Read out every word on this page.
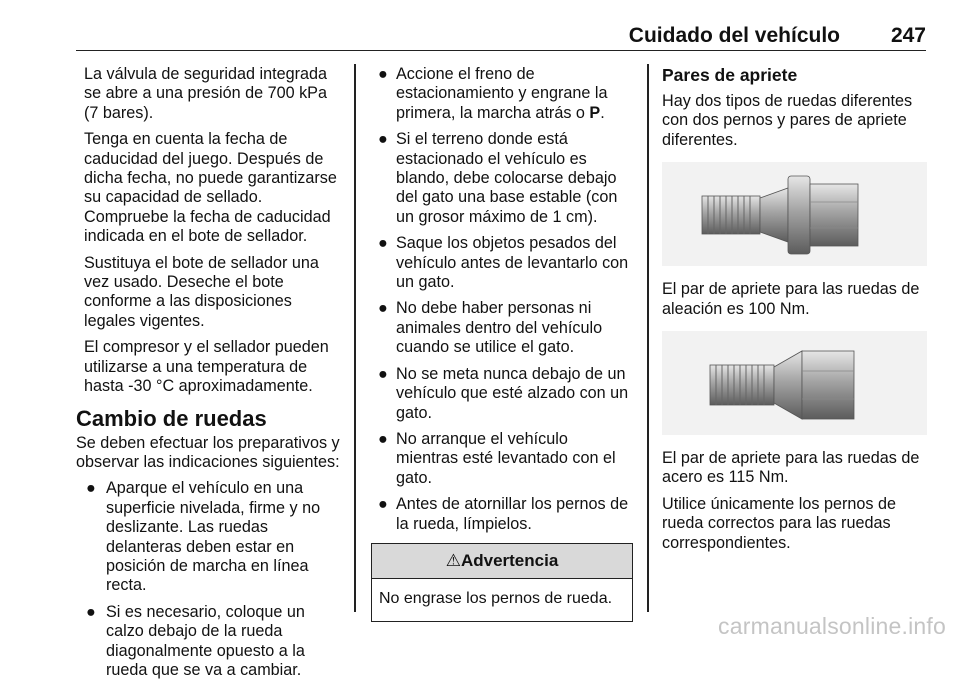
Cuidado del vehículo 247

La válvula de seguridad integrada se abre a una presión de 700 kPa (7 bares).

Tenga en cuenta la fecha de caducidad del juego. Después de dicha fecha, no puede garantizarse su capacidad de sellado. Compruebe la fecha de caducidad indicada en el bote de sellador.

Sustituya el bote de sellador una vez usado. Deseche el bote conforme a las disposiciones legales vigentes.

El compresor y el sellador pueden utilizarse a una temperatura de hasta -30 °C aproximadamente.

Cambio de ruedas

Se deben efectuar los preparativos y observar las indicaciones siguientes:

● Aparque el vehículo en una superficie nivelada, firme y no deslizante. Las ruedas delanteras deben estar en posición de marcha en línea recta.
● Si es necesario, coloque un calzo debajo de la rueda diagonalmente opuesto a la rueda que se va a cambiar.
● Accione el freno de estacionamiento y engrane la primera, la marcha atrás o P.
● Si el terreno donde está estacionado el vehículo es blando, debe colocarse debajo del gato una base estable (con un grosor máximo de 1 cm).
● Saque los objetos pesados del vehículo antes de levantarlo con un gato.
● No debe haber personas ni animales dentro del vehículo cuando se utilice el gato.
● No se meta nunca debajo de un vehículo que esté alzado con un gato.
● No arranque el vehículo mientras esté levantado con el gato.
● Antes de atornillar los pernos de la rueda, límpielos.
⚠Advertencia
No engrase los pernos de rueda.
Pares de apriete

Hay dos tipos de ruedas diferentes con dos pernos y pares de apriete diferentes.

El par de apriete para las ruedas de aleación es 100 Nm.

El par de apriete para las ruedas de acero es 115 Nm.

Utilice únicamente los pernos de rueda correctos para las ruedas correspondientes.

carmanualsonline.info
